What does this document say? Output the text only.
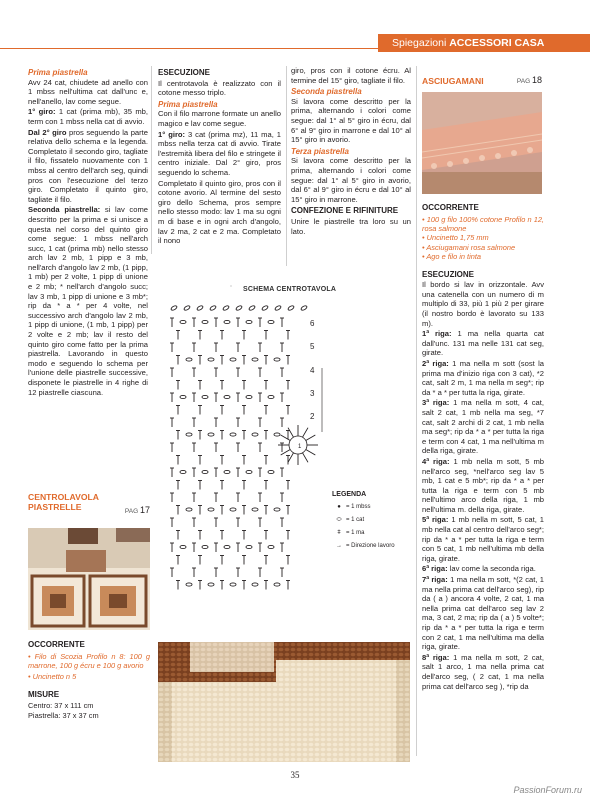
Spiegazioni ACCESSORI CASA
Prima piastrella

Avv 24 cat, chiudete ad anello con 1 mbss nell'ultima cat dall'unc e, nell'anello, lav come segue.

1° giro: 1 cat (prima mb), 35 mb, term con 1 mbss nella cat di avvio.

Dal 2° giro pros seguendo la parte relativa dello schema e la legenda. Completato il secondo giro, tagliate il filo, fissatelo nuovamente con 1 mbss al centro dell'arch seg, quindi pros con l'esecuzione del terzo giro. Completato il quinto giro, tagliate il filo.

Seconda piastrella: si lav come descritto per la prima e si unisce a questa nel corso del quinto giro come segue: 1 mbss nell'arch succ, 1 cat (prima mb) nello stesso arch lav 2 mb, 1 pipp e 3 mb, nell'arch d'angolo lav 2 mb, (1 pipp, 1 mb) per 2 volte, 1 pipp di unione e 2 mb; * nell'arch d'angolo succ; lav 3 mb, 1 pipp di unione e 3 mb*; rip da * a * per 4 volte, nel successivo arch d'angolo lav 2 mb, 1 pipp di unione, (1 mb, 1 pipp) per 2 volte e 2 mb; lav il resto del quinto giro come fatto per la prima piastrella. Lavorando in questo modo e seguendo lo schema per l'unione delle piastrelle successive, disponete le piastrelle in 4 righe di 12 piastrelle ciascuna.

ESECUZIONE

Il centrotavola è realizzato con il cotone messo triplo.

Prima piastrella

Con il filo marrone formate un anello magico e lav come segue.

1° giro: 3 cat (prima mz), 11 ma, 1 mbss nella terza cat di avvio. Tirate l'estremità libera del filo e stringete il centro iniziale. Dal 2° giro, pros seguendo lo schema.

Completato il quinto giro, pros con il cotone avorio. Al termine del sesto giro dello Schema, pros sempre nello stesso modo: lav 1 ma su ogni m di base e in ogni arch d'angolo, lav 2 ma, 2 cat e 2 ma. Completato il nono

giro, pros con il cotone écru. Al termine del 15° giro, tagliate il filo.

Seconda piastrella

Si lavora come descritto per la prima, alternando i colori come segue: dal 1° al 5° giro in écru, dal 6° al 9° giro in marrone e dal 10° al 15° giro in avorio.

Terza piastrella

Si lavora come descritto per la prima, alternando i colori come segue: dal 1° al 5° giro in avorio, dal 6° al 9° giro in écru e dal 10° al 15° giro in marrone.

CONFEZIONE E RIFINITURE

Unire le piastrelle tra loro su un lato.

SCHEMA CENTROTAVOLA
6
5
4
3
2
1
LEGENDA
● = 1 mbss
⬭ = 1 cat
ǂ = 1 ma
→ = Direzione lavoro
CENTROLAVOLA
PIASTRELLE	PAG 17
OCCORRENTE
• Filo di Scozia Profilo n 8: 100 g marrone, 100 g écru e 100 g avorio
• Uncinetto n 5
MISURE
Centro: 37 x 111 cm
Piastrella: 37 x 37 cm
ASCIUGAMANI	PAG 18
OCCORRENTE
• 100 g filo 100% cotone Profilo n 12, rosa salmone
• Uncinetto 1,75 mm
• Asciugamani rosa salmone
• Ago e filo in tinta
ESECUZIONE

Il bordo si lav in orizzontale. Avv una catenella con un numero di m multiplo di 33, più 1 più 2 per girare (il nostro bordo è lavorato su 133 m).

1ª riga: 1 ma nella quarta cat dall'unc. 131 ma nelle 131 cat seg, girate.

2ª riga: 1 ma nella m sott (sost la prima ma d'inizio riga con 3 cat), *2 cat, salt 2 m, 1 ma nella m seg*; rip da * a * per tutta la riga, girate.

3ª riga: 1 ma nella m sott, 4 cat, salt 2 cat, 1 mb nella ma seg, *7 cat, salt 2 archi di 2 cat, 1 mb nella ma seg*; rip da * a * per tutta la riga e term con 4 cat, 1 ma nell'ultima m della riga, girate.

4ª riga: 1 mb nella m sott, 5 mb nell'arco seg, *nell'arco seg lav 5 mb, 1 cat e 5 mb*; rip da * a * per tutta la riga e term con 5 mb nell'ultimo arco della riga, 1 mb nell'ultima m. della riga, girate.

5ª riga: 1 mb nella m sott, 5 cat, 1 mb nella cat al centro dell'arco seg*; rip da * a * per tutta la riga e term con 5 cat, 1 mb nell'ultima mb della riga, girate.

6ª riga: lav come la seconda riga.

7ª riga: 1 ma nella m sott, *(2 cat, 1 ma nella prima cat dell'arco seg), rip da ( a ) ancora 4 volte, 2 cat, 1 ma nella prima cat dell'arco seg lav 2 ma, 3 cat, 2 ma; rip da ( a ) 5 volte*; rip da * a * per tutta la riga e term con 2 cat, 1 ma nell'ultima ma della riga, girate.

8ª riga: 1 ma nella m sott, 2 cat, salt 1 arco, 1 ma nella prima cat dell'arco seg, ( 2 cat, 1 ma nella prima cat dell'arco seg ), *rip da

35
PassionForum.ru
